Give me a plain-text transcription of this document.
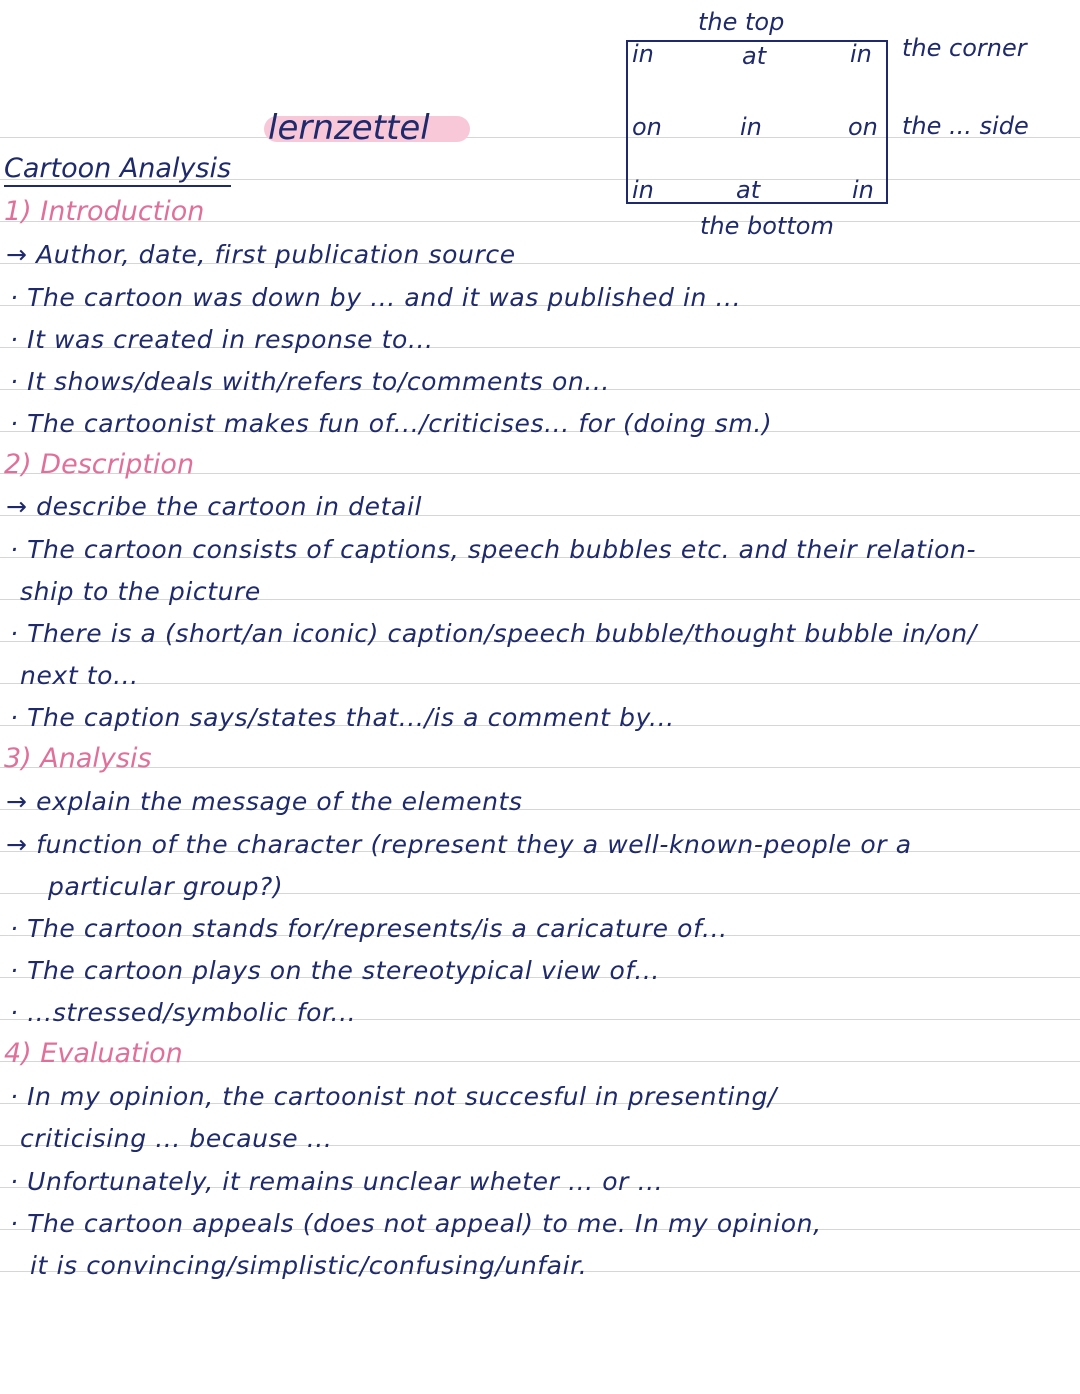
lernzettel
the top
in	at	in
on	in	on
in	at	in
the bottom
the corner
the ... side
Cartoon Analysis
1) Introduction
→ Author, date, first publication source
· The cartoon was down by ... and it was published in ...
· It was created in response to...
· It shows/deals with/refers to/comments on...
· The cartoonist makes fun of.../criticises... for (doing sm.)
2) Description
→ describe the cartoon in detail
· The cartoon consists of captions, speech bubbles etc. and their relation-
ship to the picture
· There is a (short/an iconic) caption/speech bubble/thought bubble in/on/
next to...
· The caption says/states that.../is a comment by...
3) Analysis
→ explain the message of the elements
→ function of the character (represent they a well-known-people or a
particular group?)
· The cartoon stands for/represents/is a caricature of...
· The cartoon plays on the stereotypical view of...
· ...stressed/symbolic for...
4) Evaluation
· In my opinion, the cartoonist not succesful in presenting/
criticising ... because ...
· Unfortunately, it remains unclear wheter ... or ...
· The cartoon appeals (does not appeal) to me. In my opinion,
it is convincing/simplistic/confusing/unfair.
